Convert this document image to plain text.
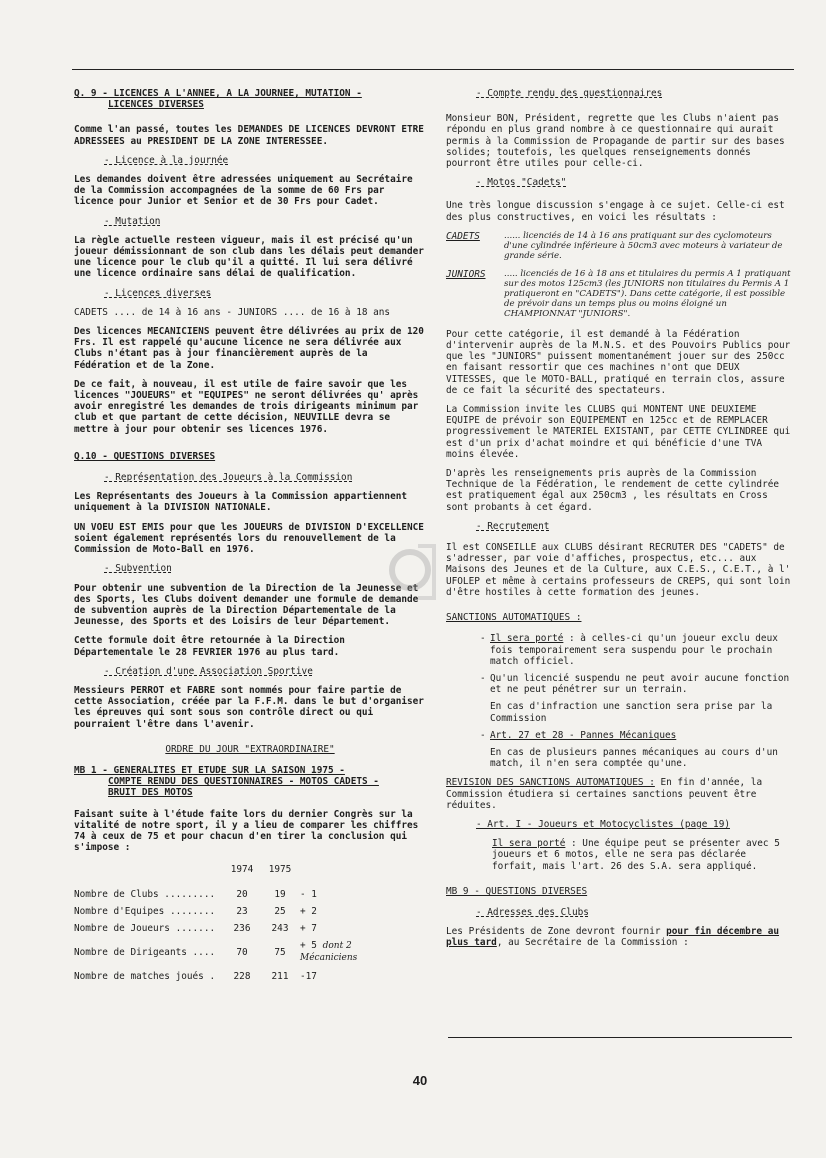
Q. 9 - LICENCES A L'ANNEE, A LA JOURNEE, MUTATION -
LICENCES DIVERSES

Comme l'an passé, toutes les DEMANDES DE LICENCES DEVRONT ETRE ADRESSEES au PRESIDENT DE LA ZONE INTERESSEE.

- Licence à la journée

Les demandes doivent être adressées uniquement au Secrétaire de la Commission accompagnées de la somme de 60 Frs par licence pour Junior et Senior et de 30 Frs pour Cadet.

- Mutation

La règle actuelle resteen vigueur, mais il est précisé qu'un joueur démissionnant de son club dans les délais peut demander une licence pour le club qu'il a quitté. Il lui sera délivré une licence ordinaire sans délai de qualification.

- Licences diverses

CADETS .... de 14 à 16 ans - JUNIORS .... de 16 à 18 ans

Des licences MECANICIENS peuvent être délivrées au prix de 120 Frs. Il est rappelé qu'aucune licence ne sera délivrée aux Clubs n'étant pas à jour financièrement auprès de la Fédération et de la Zone.

De ce fait, à nouveau, il est utile de faire savoir que les licences "JOUEURS" et "EQUIPES" ne seront délivrées qu' après avoir enregistré les demandes de trois dirigeants minimum par club et que partant de cette décision, NEUVILLE devra se mettre à jour pour obtenir ses licences 1976.

Q.10 - QUESTIONS DIVERSES
- Représentation des Joueurs à la Commission

Les Représentants des Joueurs à la Commission appartiennent uniquement à la DIVISION NATIONALE.

UN VOEU EST EMIS pour que les JOUEURS de DIVISION D'EXCELLENCE soient également représentés lors du renouvellement de la Commission de Moto-Ball en 1976.

- Subvention

Pour obtenir une subvention de la Direction de la Jeunesse et des Sports, les Clubs doivent demander une formule de demande de subvention auprès de la Direction Départementale de la Jeunesse, des Sports et des Loisirs de leur Département.

Cette formule doit être retournée à la Direction Départementale le 28 FEVRIER 1976 au plus tard.

- Création d'une Association Sportive

Messieurs PERROT et FABRE sont nommés pour faire partie de cette Association, créée par la F.F.M. dans le but d'organiser les épreuves qui sont sous son contrôle direct ou qui pourraient l'être dans l'avenir.

ORDRE DU JOUR "EXTRAORDINAIRE"
MB 1 - GENERALITES ET ETUDE SUR LA SAISON 1975 -
COMPTE RENDU DES QUESTIONNAIRES - MOTOS CADETS -
BRUIT DES MOTOS

Faisant suite à l'étude faite lors du dernier Congrès sur la vitalité de notre sport, il y a lieu de comparer les chiffres 74 à ceux de 75 et pour chacun d'en tirer la conclusion qui s'impose :

	1974	1975	
Nombre de Clubs .........	20	19	- 1
Nombre d'Equipes ........	23	25	+ 2
Nombre de Joueurs .......	236	243	+ 7
Nombre de Dirigeants ....	70	75	+ 5 dont 2 Mécaniciens
Nombre de matches joués .	228	211	-17
- Compte rendu des questionnaires

Monsieur BON, Président, regrette que les Clubs n'aient pas répondu en plus grand nombre à ce questionnaire qui aurait permis à la Commission de Propagande de partir sur des bases solides; toutefois, les quelques renseignements donnés pourront être utiles pour celle-ci.

- Motos "Cadets"

Une très longue discussion s'engage à ce sujet. Celle-ci est des plus constructives, en voici les résultats :

CADETS	...... licenciés de 14 à 16 ans pratiquant sur des cyclomoteurs d'une cylindrée inférieure à 50cm3 avec moteurs à variateur de grande série.
JUNIORS	..... licenciés de 16 à 18 ans et titulaires du permis A 1 pratiquant sur des motos 125cm3 (les JUNIORS non titulaires du Permis A 1 pratiqueront en "CADETS"). Dans cette catégorie, il est possible de prévoir dans un temps plus ou moins éloigné un CHAMPIONNAT "JUNIORS".

Pour cette catégorie, il est demandé à la Fédération d'intervenir auprès de la M.N.S. et des Pouvoirs Publics pour que les "JUNIORS" puissent momentanément jouer sur des 250cc en faisant ressortir que ces machines n'ont que DEUX VITESSES, que le MOTO-BALL, pratiqué en terrain clos, assure de ce fait la sécurité des spectateurs.

La Commission invite les CLUBS qui MONTENT UNE DEUXIEME EQUIPE de prévoir son EQUIPEMENT en 125cc et de REMPLACER progressivement le MATERIEL EXISTANT, par CETTE CYLINDREE qui est d'un prix d'achat moindre et qui bénéficie d'une TVA moins élevée.

D'après les renseignements pris auprès de la Commission Technique de la Fédération, le rendement de cette cylindrée est pratiquement égal aux 250cm3 , les résultats en Cross sont probants à cet égard.

- Recrutement

Il est CONSEILLE aux CLUBS désirant RECRUTER DES "CADETS" de s'adresser, par voie d'affiches, prospectus, etc... aux Maisons des Jeunes et de la Culture, aux C.E.S., C.E.T., à l' UFOLEP et même à certains professeurs de CREPS, qui sont loin d'être hostiles à cette formation des jeunes.

SANCTIONS AUTOMATIQUES :
- Il sera porté : à celles-ci qu'un joueur exclu deux fois temporairement sera suspendu pour le prochain match officiel.
- Qu'un licencié suspendu ne peut avoir aucune fonction et ne peut pénétrer sur un terrain.
En cas d'infraction une sanction sera prise par la Commission
- Art. 27 et 28 - Pannes Mécaniques
En cas de plusieurs pannes mécaniques au cours d'un match, il n'en sera comptée qu'une.

REVISION DES SANCTIONS AUTOMATIQUES : En fin d'année, la Commission étudiera si certaines sanctions peuvent être réduites.

- Art. I - Joueurs et Motocyclistes (page 19)

Il sera porté : Une équipe peut se présenter avec 5 joueurs et 6 motos, elle ne sera pas déclarée forfait, mais l'art. 26 des S.A. sera appliqué.

MB 9 - QUESTIONS DIVERSES
- Adresses des Clubs

Les Présidents de Zone devront fournir pour fin décembre au plus tard, au Secrétaire de la Commission :

40
